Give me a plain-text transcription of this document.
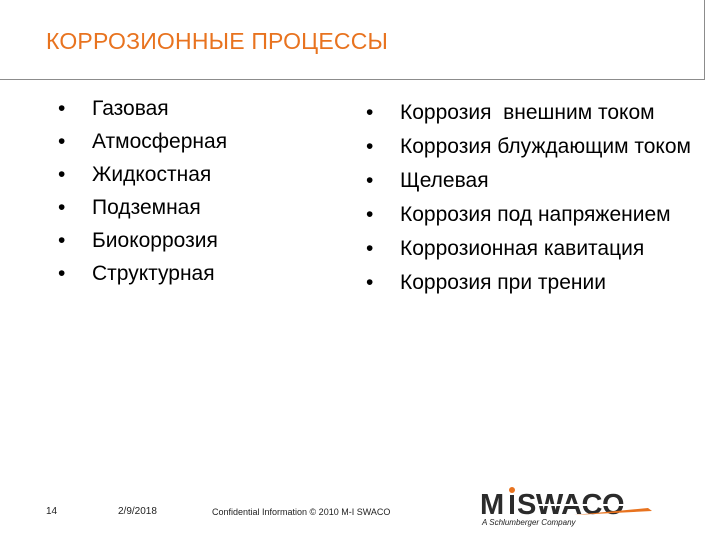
КОРРОЗИОННЫЕ ПРОЦЕССЫ
• Газовая
• Атмосферная
• Жидкостная
• Подземная
• Биокоррозия
• Структурная
• Коррозия  внешним током
• Коррозия блуждающим током
• Щелевая
• Коррозия под напряжением
• Коррозионная кавитация
• Коррозия при трении
14	2/9/2018	Confidential Information © 2010 M-I SWACO	M SWACO
A Schlumberger Company
